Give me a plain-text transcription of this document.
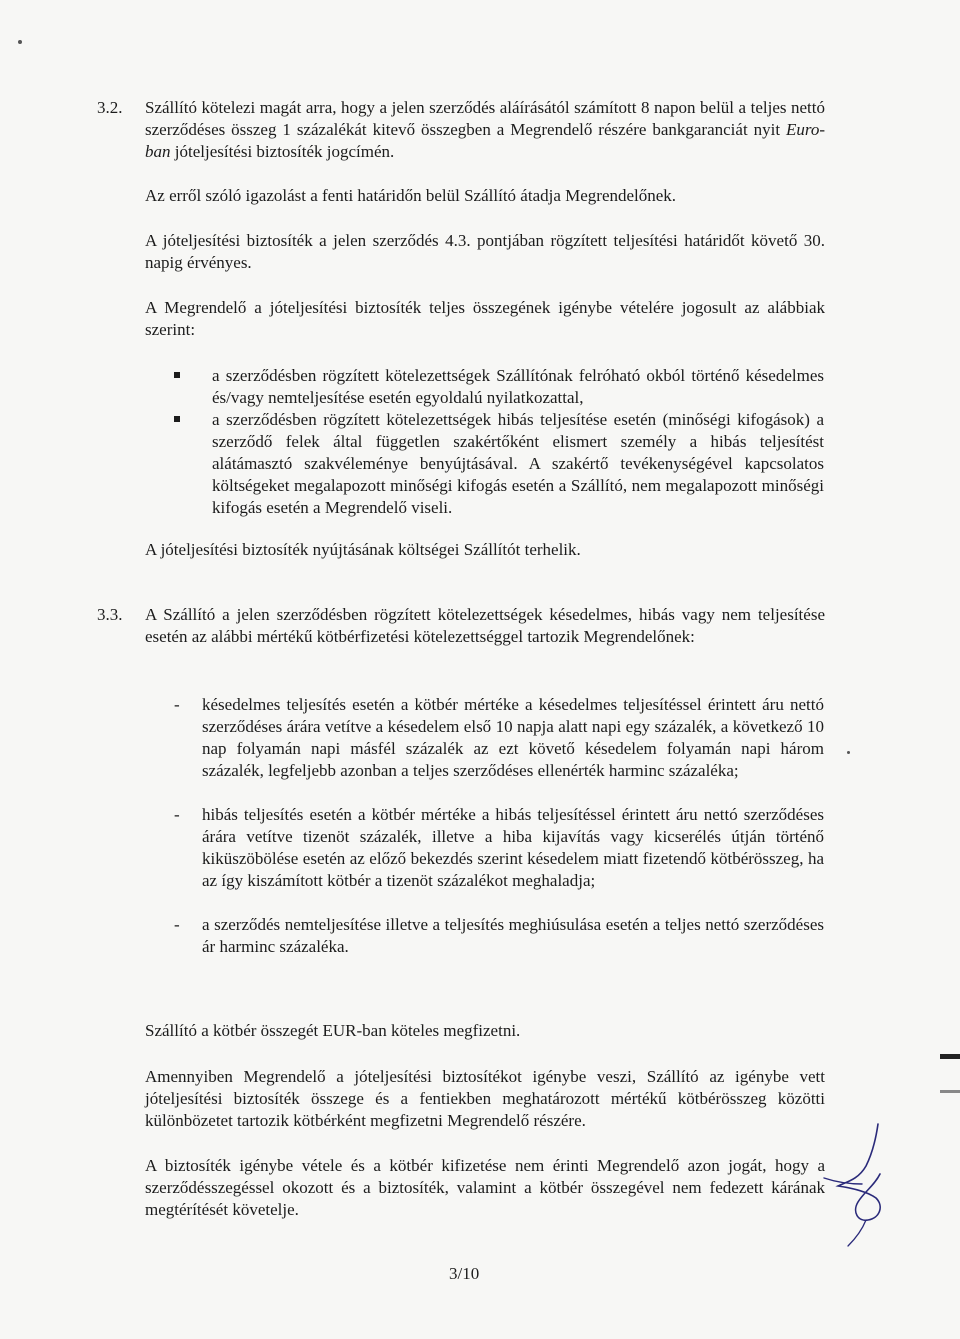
3.2. Szállító kötelezi magát arra, hogy a jelen szerződés aláírásától számított 8 napon belül a teljes nettó szerződéses összeg 1 százalékát kitevő összegben a Megrendelő részére bankgaranciát nyit Euro-ban jóteljesítési biztosíték jogcímén.

Az erről szóló igazolást a fenti határidőn belül Szállító átadja Megrendelőnek.

A jóteljesítési biztosíték a jelen szerződés 4.3. pontjában rögzített teljesítési határidőt követő 30. napig érvényes.

A Megrendelő a jóteljesítési biztosíték teljes összegének igénybe vételére jogosult az alábbiak szerint:

a szerződésben rögzített kötelezettségek Szállítónak felróható okból történő késedelmes és/vagy nemteljesítése esetén egyoldalú nyilatkozattal,
a szerződésben rögzített kötelezettségek hibás teljesítése esetén (minőségi kifogások) a szerződő felek által független szakértőként elismert személy a hibás teljesítést alátámasztó szakvéleménye benyújtásával. A szakértő tevékenységével kapcsolatos költségeket megalapozott minőségi kifogás esetén a Szállító, nem megalapozott minőségi kifogás esetén a Megrendelő viseli.

A jóteljesítési biztosíték nyújtásának költségei Szállítót terhelik.

3.3. A Szállító a jelen szerződésben rögzített kötelezettségek késedelmes, hibás vagy nem teljesítése esetén az alábbi mértékű kötbérfizetési kötelezettséggel tartozik Megrendelőnek:

- késedelmes teljesítés esetén a kötbér mértéke a késedelmes teljesítéssel érintett áru nettó szerződéses árára vetítve a késedelem első 10 napja alatt napi egy százalék, a következő 10 nap folyamán napi másfél százalék az ezt követő késedelem folyamán napi három százalék, legfeljebb azonban a teljes szerződéses ellenérték harminc százaléka;
- hibás teljesítés esetén a kötbér mértéke a hibás teljesítéssel érintett áru nettó szerződéses árára vetítve tizenöt százalék, illetve a hiba kijavítás vagy kicserélés útján történő kiküszöbölése esetén az előző bekezdés szerint késedelem miatt fizetendő kötbérösszeg, ha az így kiszámított kötbér a tizenöt százalékot meghaladja;
- a szerződés nemteljesítése illetve a teljesítés meghiúsulása esetén a teljes nettó szerződéses ár harminc százaléka.

Szállító a kötbér összegét EUR-ban köteles megfizetni.

Amennyiben Megrendelő a jóteljesítési biztosítékot igénybe veszi, Szállító az igénybe vett jóteljesítési biztosíték összege és a fentiekben meghatározott mértékű kötbérösszeg közötti különbözetet tartozik kötbérként megfizetni Megrendelő részére.

A biztosíték igénybe vétele és a kötbér kifizetése nem érinti Megrendelő azon jogát, hogy a szerződésszegéssel okozott és a biztosíték, valamint a kötbér összegével nem fedezett kárának megtérítését követelje.

3/10
